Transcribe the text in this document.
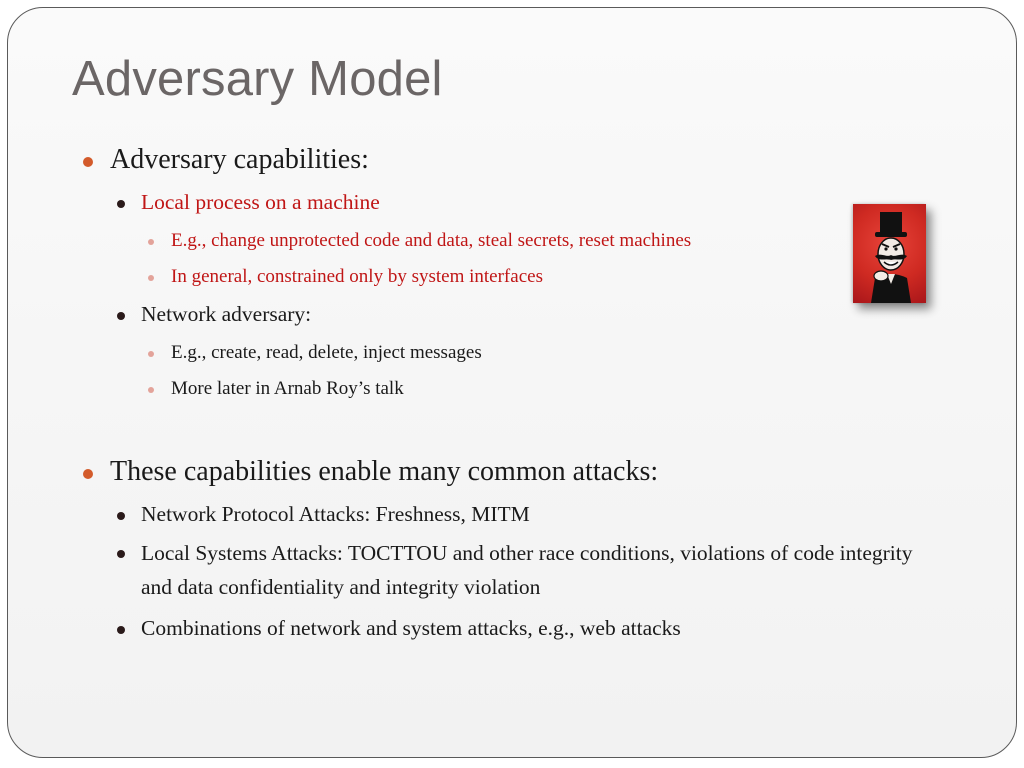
Adversary Model
Adversary capabilities:
Local process on a machine
E.g., change unprotected code and data, steal secrets, reset machines
In general, constrained only by system interfaces
Network adversary:
E.g., create, read, delete, inject messages
More later in Arnab Roy’s talk
These capabilities enable many common attacks:
Network Protocol Attacks: Freshness, MITM
Local Systems Attacks: TOCTTOU and other race conditions, violations of code integrity and data confidentiality and integrity violation
Combinations of network and system attacks, e.g., web attacks
